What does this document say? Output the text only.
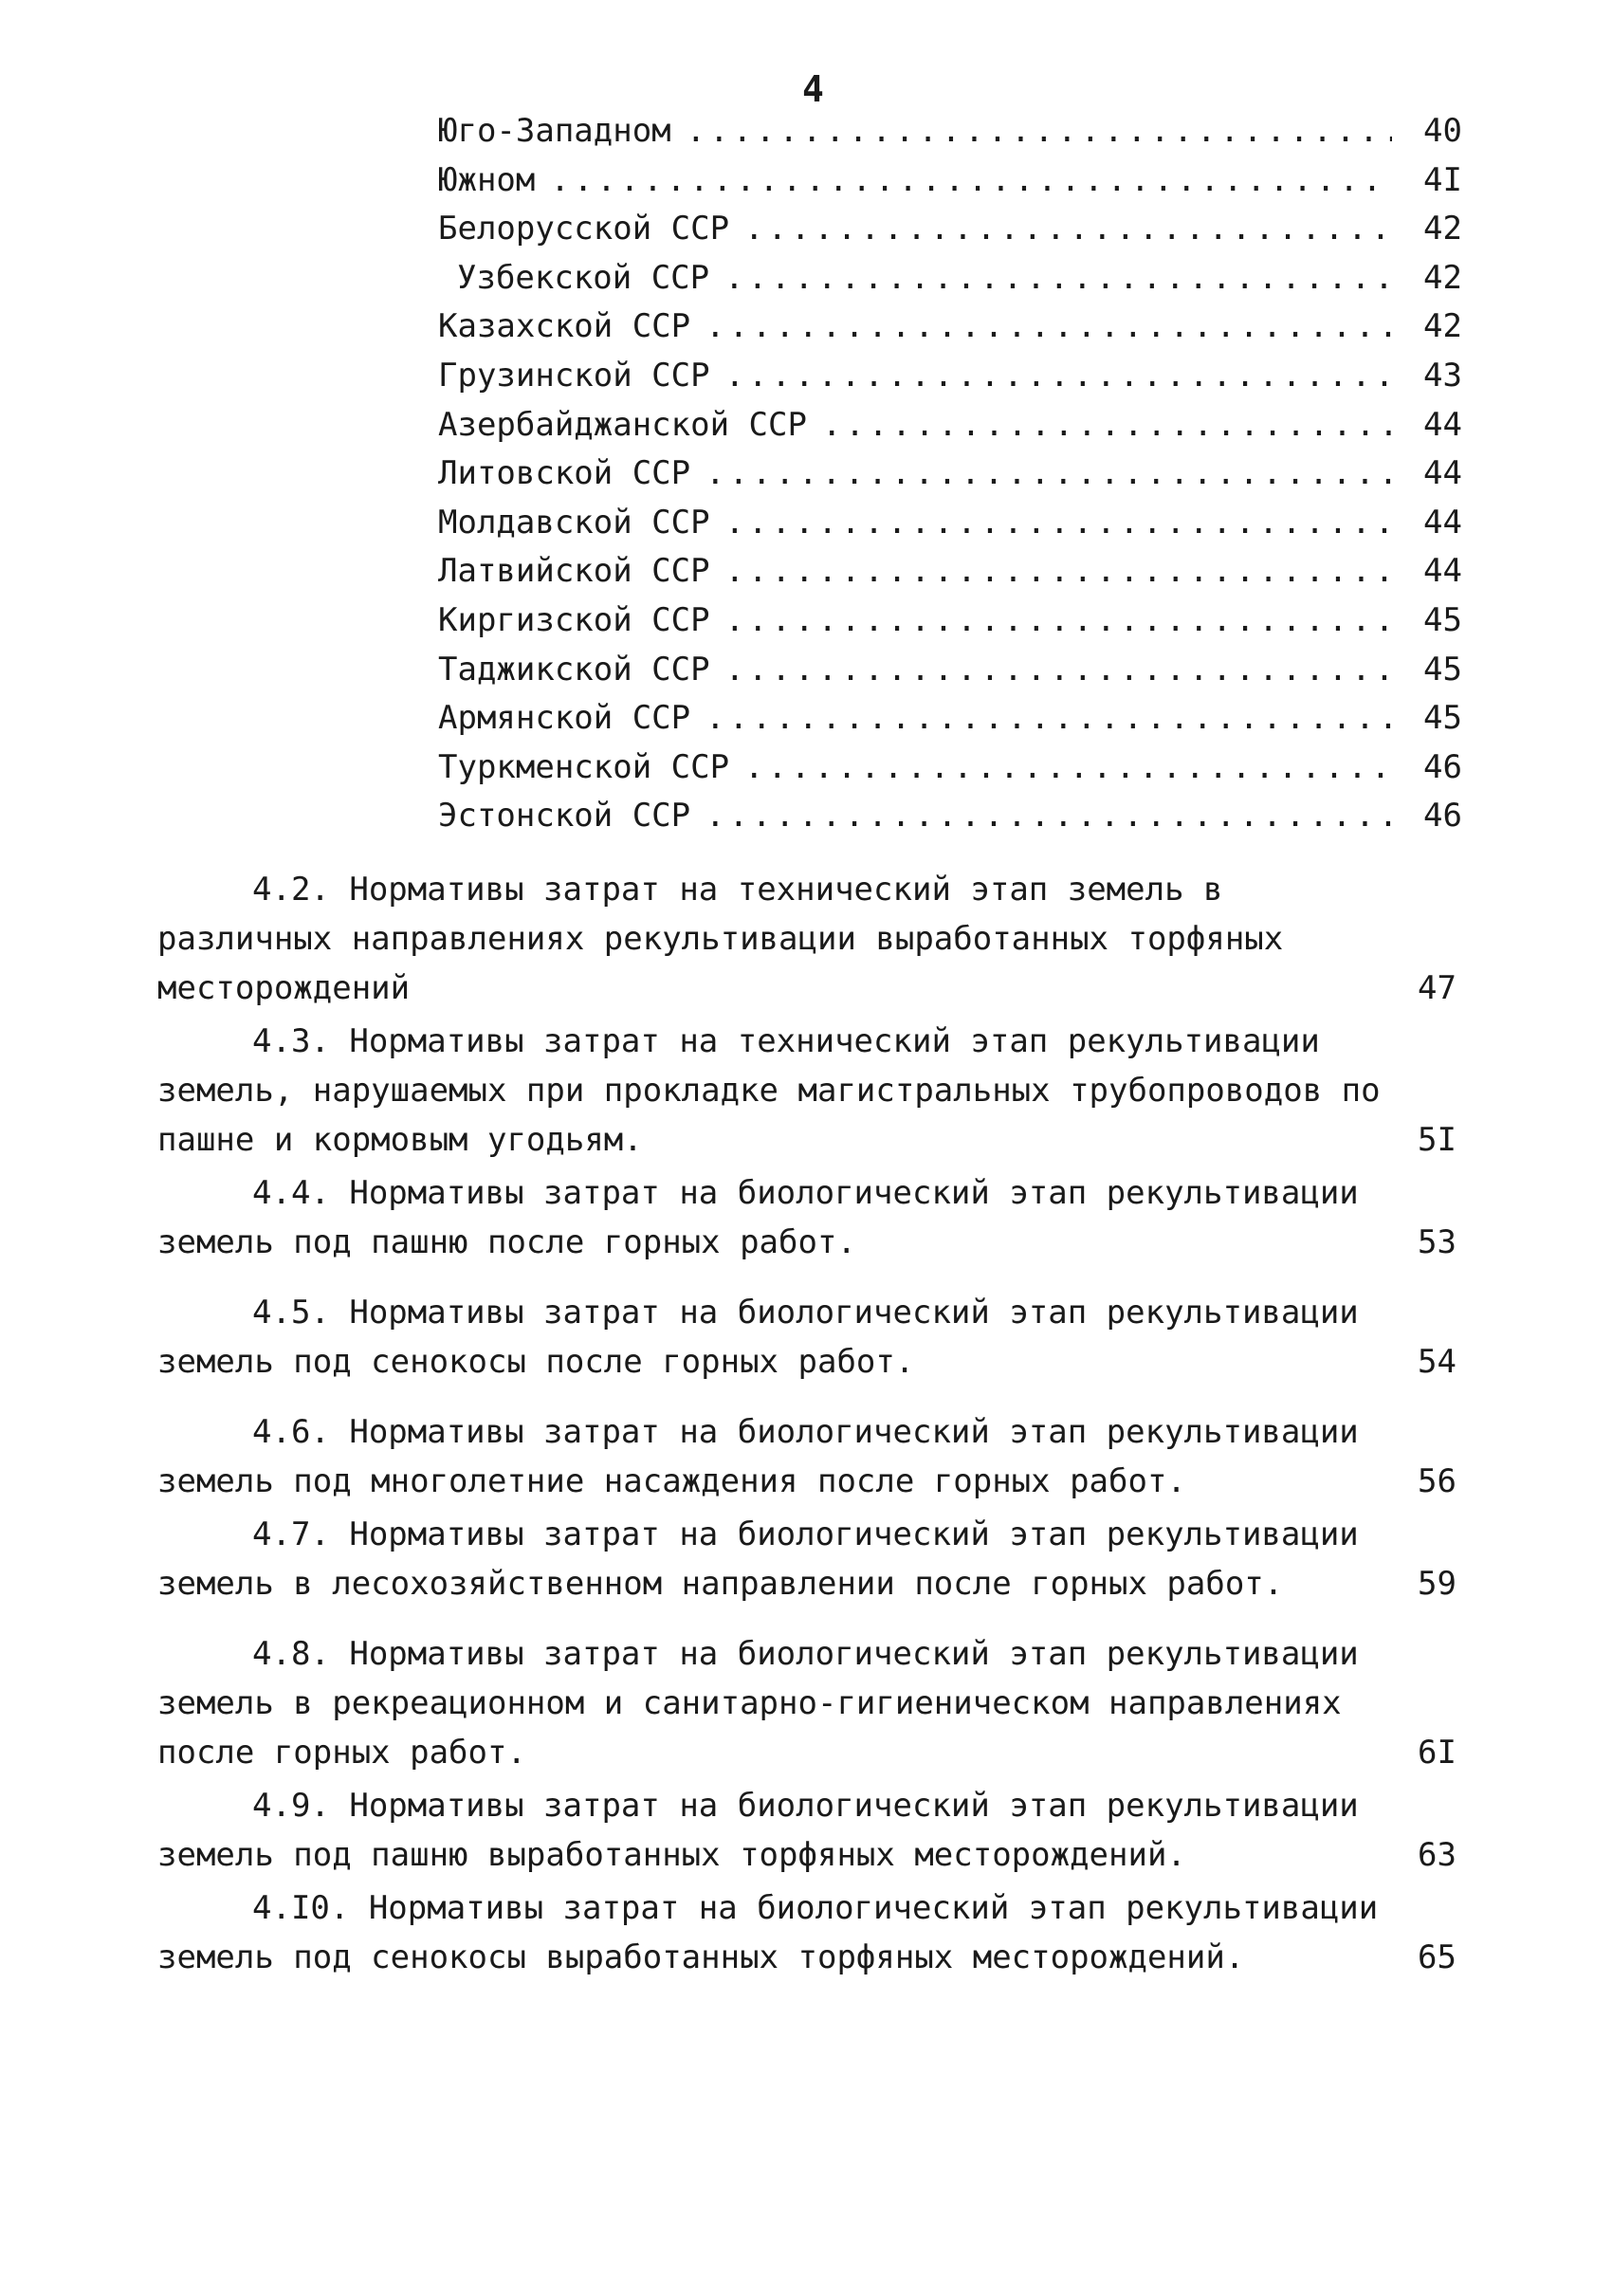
4
Юго-Западном .....	40
Южном .....	4I
Белорусской ССР .....	42
Узбекской ССР .....	42
Казахской ССР .....	42
Грузинской ССР .....	43
Азербайджанской ССР .....	44
Литовской ССР .....	44
Молдавской ССР .....	44
Латвийской ССР .....	44
Киргизской ССР .....	45
Таджикской ССР .....	45
Армянской ССР .....	45
Туркменской ССР .....	46
Эстонской ССР .....	46
4.2. Нормативы затрат на технический этап земель в различных направлениях рекультивации выработанных торфяных месторождений	47
4.3. Нормативы затрат на технический этап рекультивации земель, нарушаемых при прокладке магистральных трубопроводов по пашне и кормовым угодьям.	5I
4.4. Нормативы затрат на биологический этап рекультивации земель под пашню после горных работ.	53
4.5. Нормативы затрат на биологический этап рекультивации земель под сенокосы после горных работ.	54
4.6. Нормативы затрат на биологический этап рекультивации земель под многолетние насаждения после горных работ.	56
4.7. Нормативы затрат на биологический этап рекультивации земель в лесохозяйственном направлении после горных работ.	59
4.8. Нормативы затрат на биологический этап рекультивации земель в рекреационном и санитарно-гигиеническом направлениях после горных работ.	6I
4.9. Нормативы затрат на биологический этап рекультивации земель под пашню выработанных торфяных месторождений.	63
4.I0. Нормативы затрат на биологический этап рекультивации земель под сенокосы выработанных торфяных месторождений.	65
